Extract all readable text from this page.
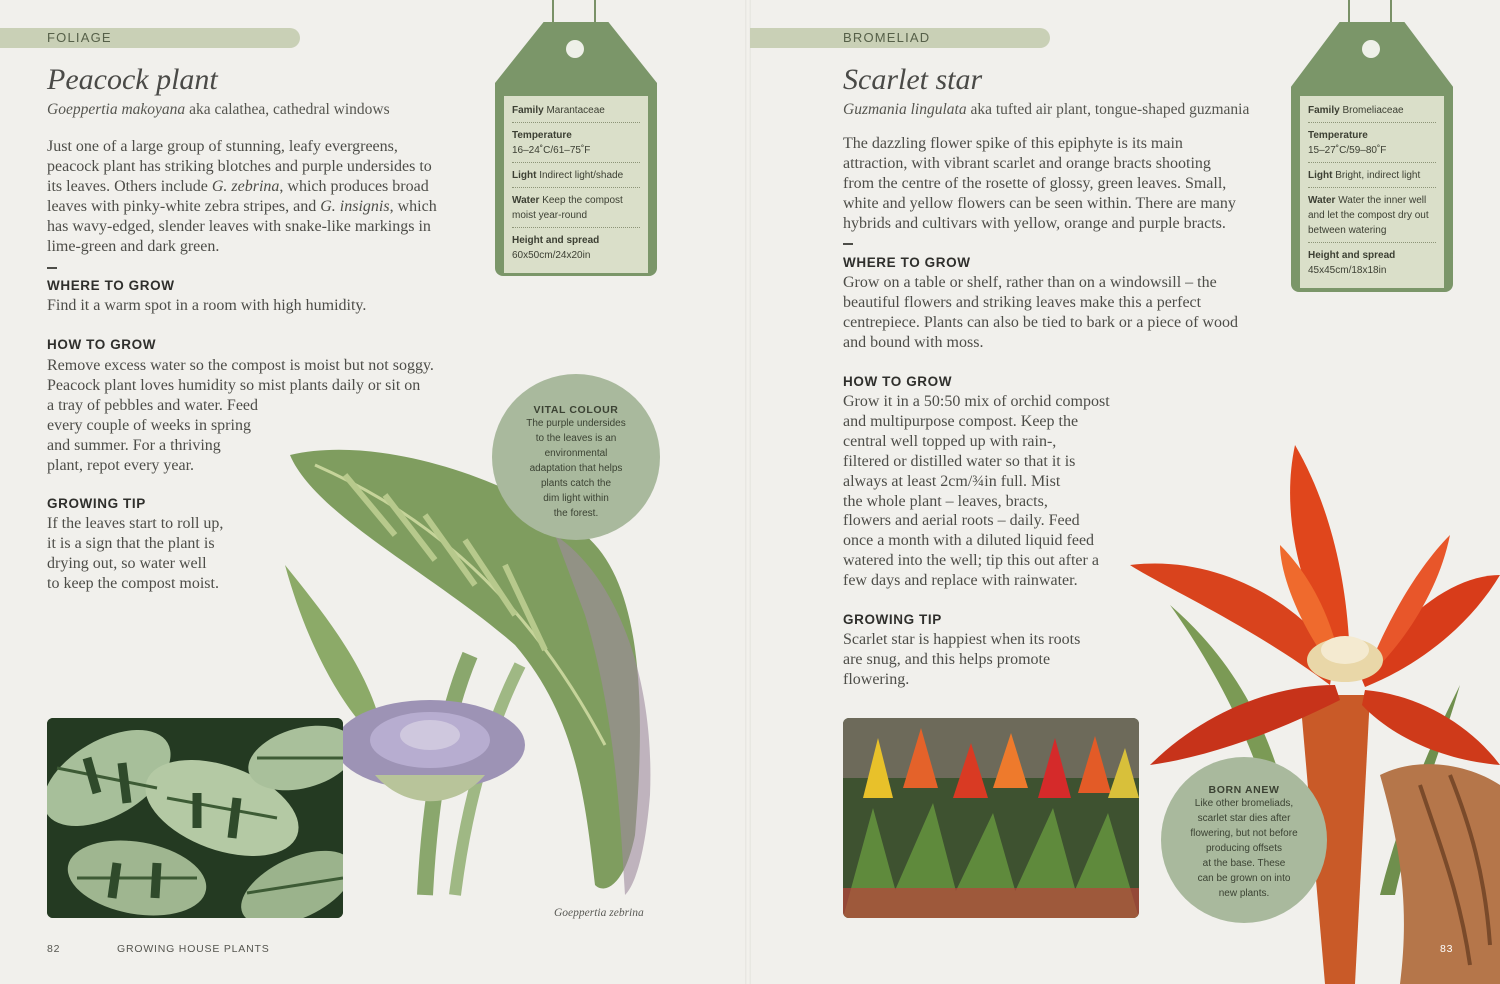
FOLIAGE
Peacock plant
Goeppertia makoyana aka calathea, cathedral windows
Just one of a large group of stunning, leafy evergreens,
peacock plant has striking blotches and purple undersides to
its leaves. Others include G. zebrina, which produces broad
leaves with pinky-white zebra stripes, and G. insignis, which
has wavy-edged, slender leaves with snake-like markings in
lime-green and dark green.
WHERE TO GROW
Find it a warm spot in a room with high humidity.
HOW TO GROW
Remove excess water so the compost is moist but not soggy.
Peacock plant loves humidity so mist plants daily or sit on
a tray of pebbles and water. Feed
every couple of weeks in spring
and summer. For a thriving
plant, repot every year.
GROWING TIP
If the leaves start to roll up,
it is a sign that the plant is
drying out, so water well
to keep the compost moist.
Family Marantaceae
Temperature
16–24˚C/61–75˚F
Light Indirect light/shade
Water Keep the compost moist year-round
Height and spread
60x50cm/24x20in
VITAL COLOUR
The purple undersides
to the leaves is an
environmental
adaptation that helps
plants catch the
dim light within
the forest.
Goeppertia zebrina
82	GROWING HOUSE PLANTS
BROMELIAD
Scarlet star
Guzmania lingulata aka tufted air plant, tongue-shaped guzmania
The dazzling flower spike of this epiphyte is its main
attraction, with vibrant scarlet and orange bracts shooting
from the centre of the rosette of glossy, green leaves. Small,
white and yellow flowers can be seen within. There are many
hybrids and cultivars with yellow, orange and purple bracts.
WHERE TO GROW
Grow on a table or shelf, rather than on a windowsill – the
beautiful flowers and striking leaves make this a perfect
centrepiece. Plants can also be tied to bark or a piece of wood
and bound with moss.
HOW TO GROW
Grow it in a 50:50 mix of orchid compost
and multipurpose compost. Keep the
central well topped up with rain-,
filtered or distilled water so that it is
always at least 2cm/¾in full. Mist
the whole plant – leaves, bracts,
flowers and aerial roots – daily. Feed
once a month with a diluted liquid feed
watered into the well; tip this out after a
few days and replace with rainwater.
GROWING TIP
Scarlet star is happiest when its roots
are snug, and this helps promote
flowering.
Family Bromeliaceae
Temperature
15–27˚C/59–80˚F
Light Bright, indirect light
Water Water the inner well and let the compost dry out between watering
Height and spread
45x45cm/18x18in
BORN ANEW
Like other bromeliads,
scarlet star dies after
flowering, but not before
producing offsets
at the base. These
can be grown on into
new plants.
83
